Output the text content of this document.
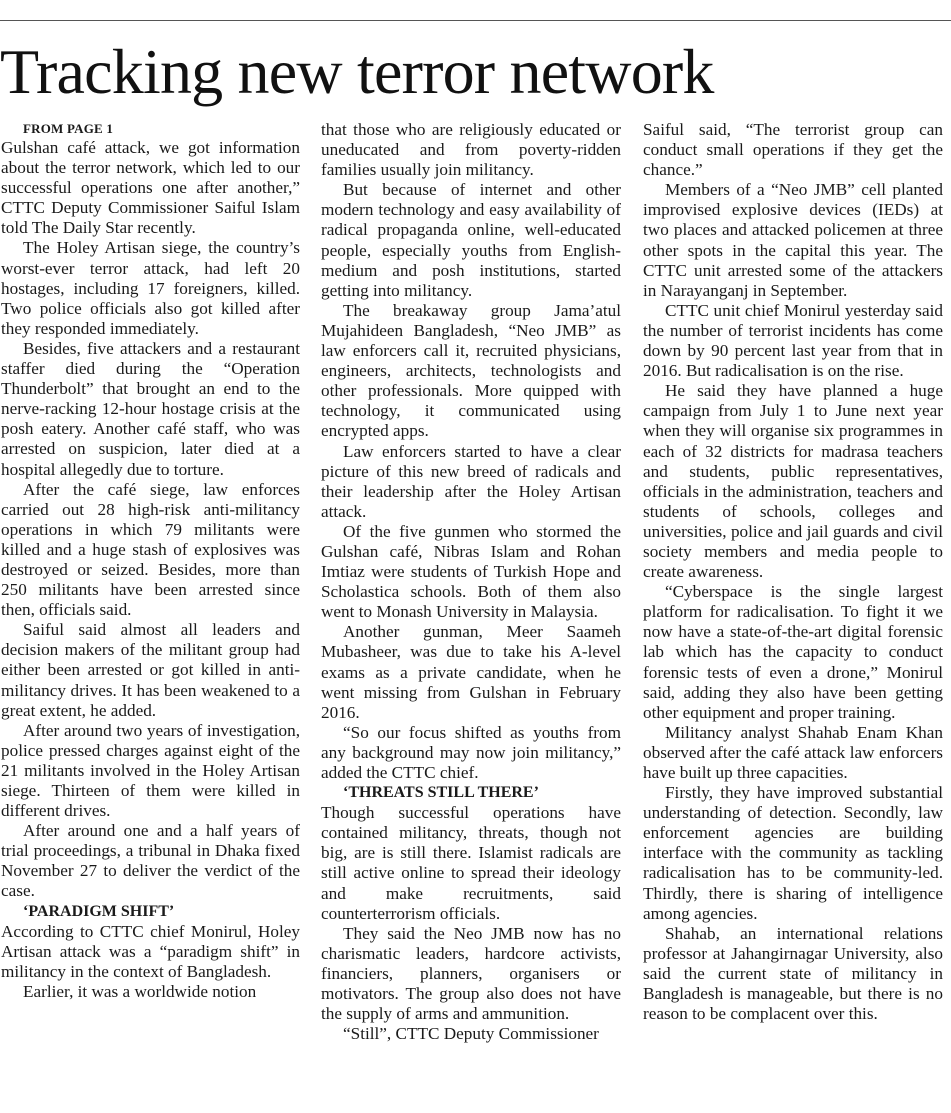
Tracking new terror network

FROM PAGE 1

Gulshan café attack, we got information about the terror network, which led to our successful operations one after another,” CTTC Deputy Commissioner Saiful Islam told The Daily Star recently.

The Holey Artisan siege, the country’s worst-ever terror attack, had left 20 hostages, including 17 foreigners, killed. Two police officials also got killed after they responded immediately.

Besides, five attackers and a restaurant staffer died during the “Operation Thunderbolt” that brought an end to the nerve-racking 12-hour hostage crisis at the posh eatery. Another café staff, who was arrested on suspicion, later died at a hospital allegedly due to torture.

After the café siege, law enforces carried out 28 high-risk anti-militancy operations in which 79 militants were killed and a huge stash of explosives was destroyed or seized. Besides, more than 250 militants have been arrested since then, officials said.

Saiful said almost all leaders and decision makers of the militant group had either been arrested or got killed in anti-militancy drives. It has been weakened to a great extent, he added.

After around two years of investigation, police pressed charges against eight of the 21 militants involved in the Holey Artisan siege. Thirteen of them were killed in different drives.

After around one and a half years of trial proceedings, a tribunal in Dhaka fixed November 27 to deliver the verdict of the case.

‘PARADIGM SHIFT’

According to CTTC chief Monirul, Holey Artisan attack was a “paradigm shift” in militancy in the context of Bangladesh.

Earlier, it was a worldwide notion

that those who are religiously educated or uneducated and from poverty-ridden families usually join militancy.

But because of internet and other modern technology and easy availability of radical propaganda online, well-educated people, especially youths from English-medium and posh institutions, started getting into militancy.

The breakaway group Jama’atul Mujahideen Bangladesh, “Neo JMB” as law enforcers call it, recruited physicians, engineers, architects, technologists and other professionals. More quipped with technology, it communicated using encrypted apps.

Law enforcers started to have a clear picture of this new breed of radicals and their leadership after the Holey Artisan attack.

Of the five gunmen who stormed the Gulshan café, Nibras Islam and Rohan Imtiaz were students of Turkish Hope and Scholastica schools. Both of them also went to Monash University in Malaysia.

Another gunman, Meer Saameh Mubasheer, was due to take his A-level exams as a private candidate, when he went missing from Gulshan in February 2016.

“So our focus shifted as youths from any background may now join militancy,” added the CTTC chief.

‘THREATS STILL THERE’

Though successful operations have contained militancy, threats, though not big, are is still there. Islamist radicals are still active online to spread their ideology and make recruitments, said counterterrorism officials.

They said the Neo JMB now has no charismatic leaders, hardcore activists, financiers, planners, organisers or motivators. The group also does not have the supply of arms and ammunition.

“Still”, CTTC Deputy Commissioner

Saiful said, “The terrorist group can conduct small operations if they get the chance.”

Members of a “Neo JMB” cell planted improvised explosive devices (IEDs) at two places and attacked policemen at three other spots in the capital this year. The CTTC unit arrested some of the attackers in Narayanganj in September.

CTTC unit chief Monirul yesterday said the number of terrorist incidents has come down by 90 percent last year from that in 2016. But radicalisation is on the rise.

He said they have planned a huge campaign from July 1 to June next year when they will organise six programmes in each of 32 districts for madrasa teachers and students, public representatives, officials in the administration, teachers and students of schools, colleges and universities, police and jail guards and civil society members and media people to create awareness.

“Cyberspace is the single largest platform for radicalisation. To fight it we now have a state-of-the-art digital forensic lab which has the capacity to conduct forensic tests of even a drone,” Monirul said, adding they also have been getting other equipment and proper training.

Militancy analyst Shahab Enam Khan observed after the café attack law enforcers have built up three capacities.

Firstly, they have improved substantial understanding of detection. Secondly, law enforcement agencies are building interface with the community as tackling radicalisation has to be community-led. Thirdly, there is sharing of intelligence among agencies.

Shahab, an international relations professor at Jahangirnagar University, also said the current state of militancy in Bangladesh is manageable, but there is no reason to be complacent over this.
